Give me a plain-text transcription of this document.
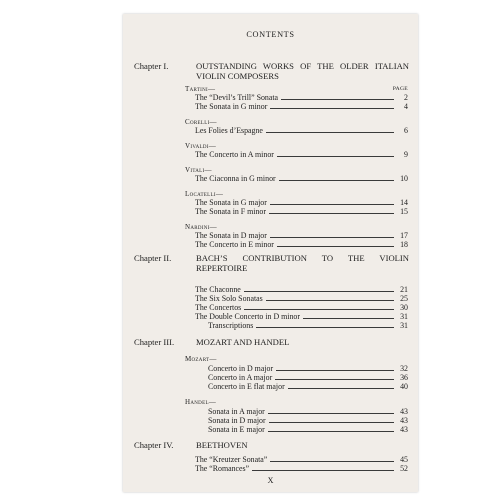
CONTENTS
Chapter I.	OUTSTANDING WORKS OF THE OLDER ITALIAN VIOLIN COMPOSERS
Tartini—	PAGE
The “Devil’s Trill” Sonata	2
The Sonata in G minor	4
Corelli—
Les Folies d’Espagne	6
Vivaldi—
The Concerto in A minor	9
Vitali—
The Ciaconna in G minor	10
Locatelli—
The Sonata in G major	14
The Sonata in F minor	15
Nardini—
The Sonata in D major	17
The Concerto in E minor	18
Chapter II.	BACH’S CONTRIBUTION TO THE VIOLIN REPERTOIRE
The Chaconne	21
The Six Solo Sonatas	25
The Concertos	30
The Double Concerto in D minor	31
Transcriptions	31
Chapter III.	MOZART AND HANDEL
Mozart—
Concerto in D major	32
Concerto in A major	36
Concerto in E flat major	40
Handel—
Sonata in A major	43
Sonata in D major	43
Sonata in E major	43
Chapter IV.	BEETHOVEN
The “Kreutzer Sonata”	45
The “Romances”	52
X
